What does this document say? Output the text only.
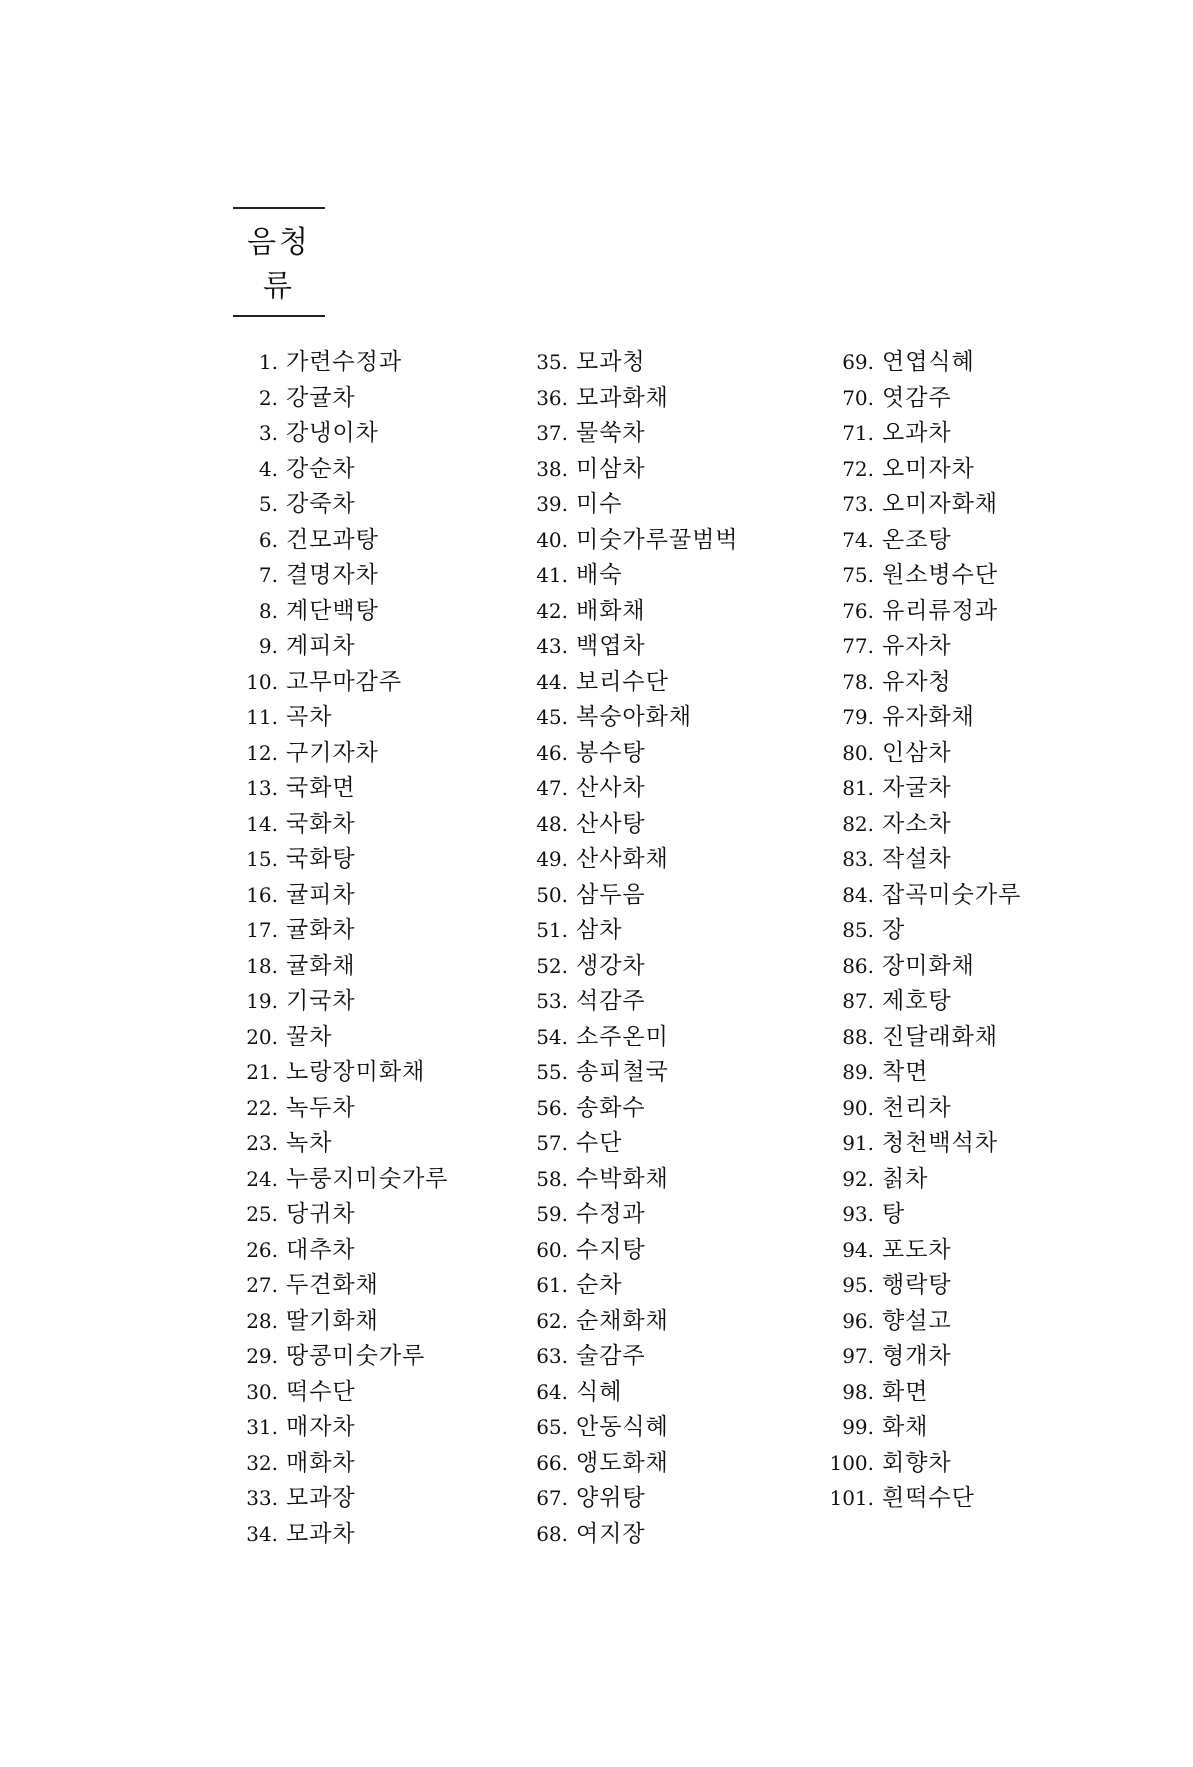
음청류
1. 가련수정과
2. 강귤차
3. 강냉이차
4. 강순차
5. 강죽차
6. 건모과탕
7. 결명자차
8. 계단백탕
9. 계피차
10. 고무마감주
11. 곡차
12. 구기자차
13. 국화면
14. 국화차
15. 국화탕
16. 귤피차
17. 귤화차
18. 귤화채
19. 기국차
20. 꿀차
21. 노랑장미화채
22. 녹두차
23. 녹차
24. 누룽지미숫가루
25. 당귀차
26. 대추차
27. 두견화채
28. 딸기화채
29. 땅콩미숫가루
30. 떡수단
31. 매자차
32. 매화차
33. 모과장
34. 모과차
35. 모과청
36. 모과화채
37. 물쑥차
38. 미삼차
39. 미수
40. 미숫가루꿀범벅
41. 배숙
42. 배화채
43. 백엽차
44. 보리수단
45. 복숭아화채
46. 봉수탕
47. 산사차
48. 산사탕
49. 산사화채
50. 삼두음
51. 삼차
52. 생강차
53. 석감주
54. 소주온미
55. 송피철국
56. 송화수
57. 수단
58. 수박화채
59. 수정과
60. 수지탕
61. 순차
62. 순채화채
63. 술감주
64. 식혜
65. 안동식혜
66. 앵도화채
67. 양위탕
68. 여지장
69. 연엽식혜
70. 엿감주
71. 오과차
72. 오미자차
73. 오미자화채
74. 온조탕
75. 원소병수단
76. 유리류정과
77. 유자차
78. 유자청
79. 유자화채
80. 인삼차
81. 자굴차
82. 자소차
83. 작설차
84. 잡곡미숫가루
85. 장
86. 장미화채
87. 제호탕
88. 진달래화채
89. 착면
90. 천리차
91. 청천백석차
92. 칡차
93. 탕
94. 포도차
95. 행락탕
96. 향설고
97. 형개차
98. 화면
99. 화채
100. 회향차
101. 흰떡수단
